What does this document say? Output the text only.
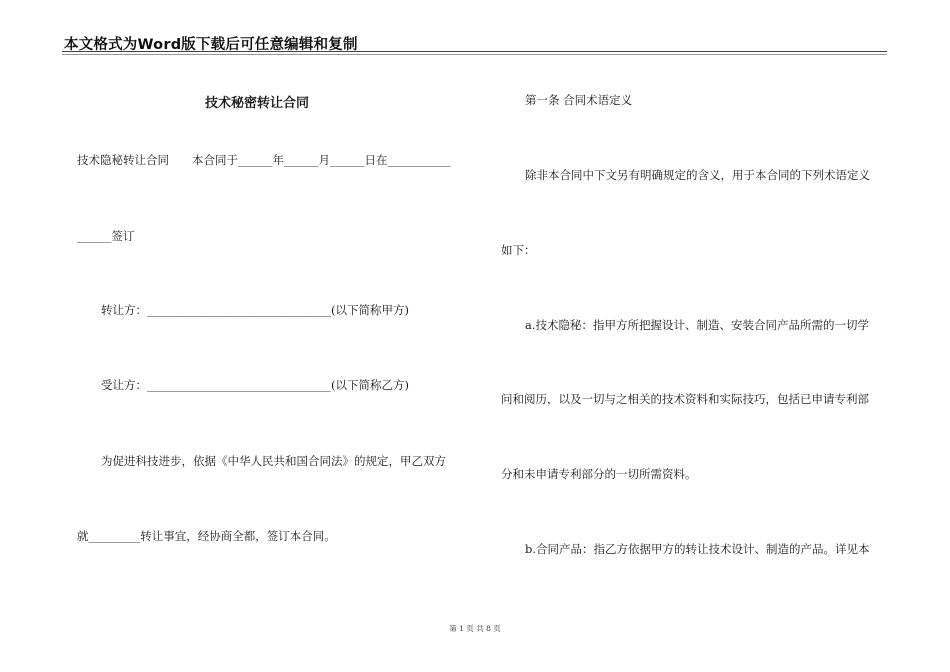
本文格式为Word版下载后可任意编辑和复制
技术秘密转让合同
技术隐秘转让合同　　本合同于______年______月______日在___________
______签订
转让方：________________________________(以下简称甲方)
受让方：________________________________(以下简称乙方)
为促进科技进步，依据《中华人民共和国合同法》的规定，甲乙双方
就_________转让事宜，经协商全都，签订本合同。
第一条 合同术语定义
除非本合同中下文另有明确规定的含义，用于本合同的下列术语定义
如下：
a.技术隐秘：指甲方所把握设计、制造、安装合同产品所需的一切学
问和阅历，以及一切与之相关的技术资料和实际技巧，包括已申请专利部
分和未申请专利部分的一切所需资料。
b.合同产品：指乙方依据甲方的转让技术设计、制造的产品。详见本
第 1 页 共 8 页
